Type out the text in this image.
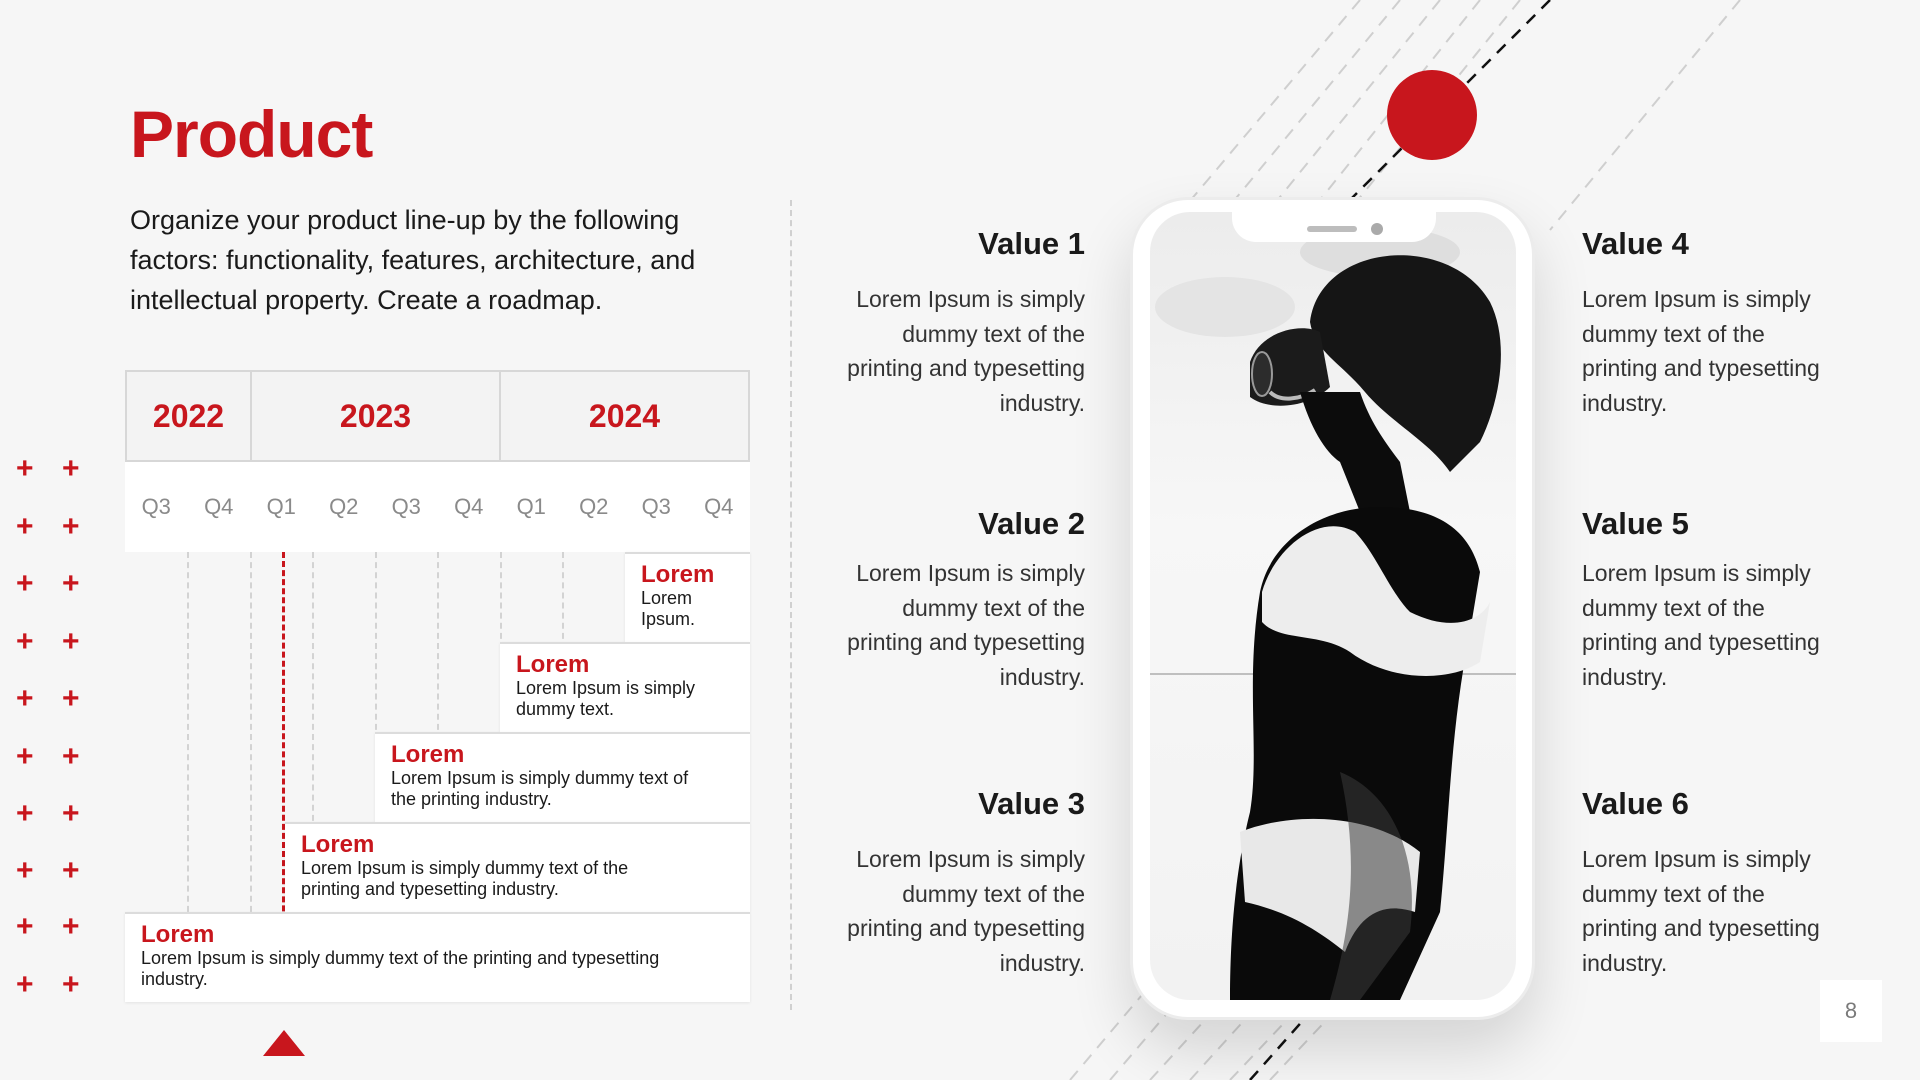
+ +
+ +
+ +
+ +
+ +
+ +
+ +
+ +
+ +
+ +
Product

Organize your product line-up by the following factors: functionality, features, architecture, and intellectual property. Create a roadmap.

2022	2023	2024
Q3	Q4	Q1	Q2	Q3	Q4	Q1	Q2	Q3	Q4
Lorem
Lorem Ipsum.
Lorem
Lorem Ipsum is simply dummy text.
Lorem
Lorem Ipsum is simply dummy text of the printing industry.
Lorem
Lorem Ipsum is simply dummy text of the printing and typesetting industry.
Lorem
Lorem Ipsum is simply dummy text of the printing and typesetting industry.
Value 1
Lorem Ipsum is simply dummy text of the printing and typesetting industry.
Value 2
Lorem Ipsum is simply dummy text of the printing and typesetting industry.
Value 3
Lorem Ipsum is simply dummy text of the printing and typesetting industry.
Value 4
Lorem Ipsum is simply dummy text of the printing and typesetting industry.
Value 5
Lorem Ipsum is simply dummy text of the printing and typesetting industry.
Value 6
Lorem Ipsum is simply dummy text of the printing and typesetting industry.
8
